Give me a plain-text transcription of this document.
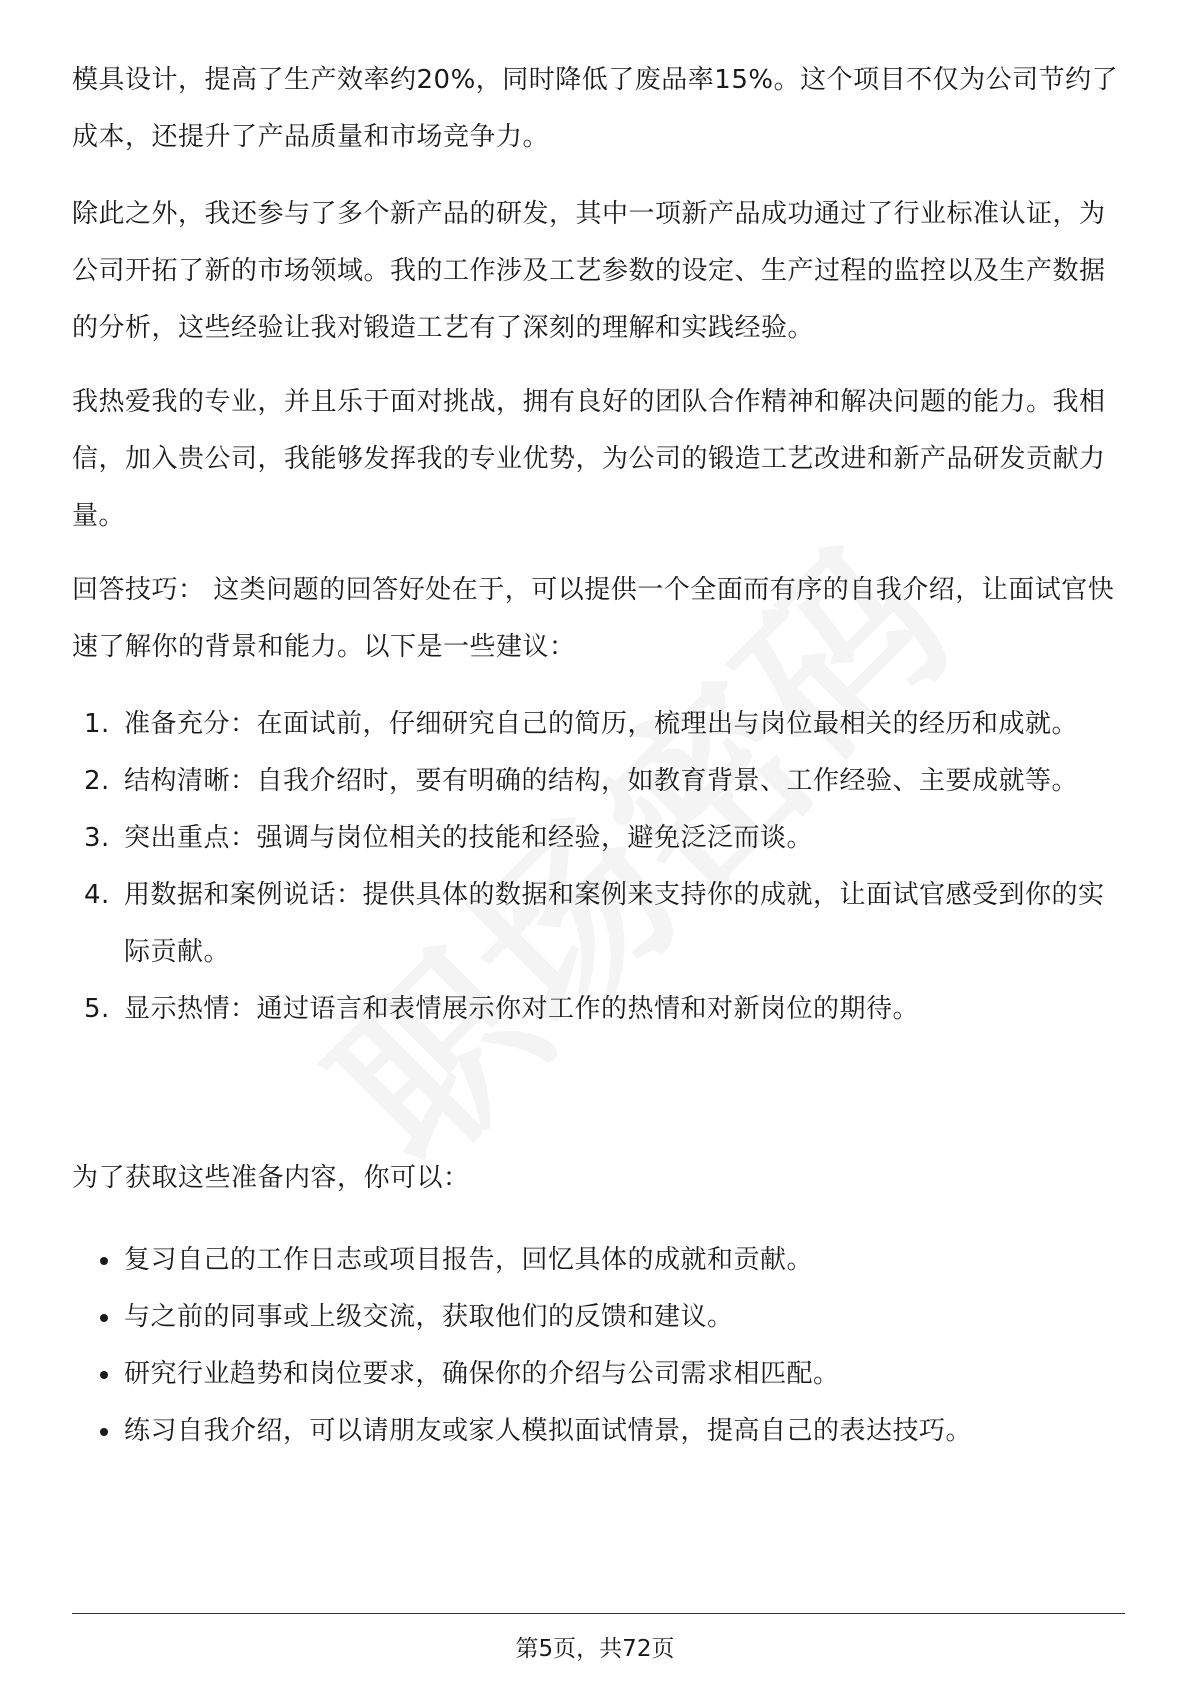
模具设计，提高了生产效率约20%，同时降低了废品率15%。这个项目不仅为公司节约了成本，还提升了产品质量和市场竞争力。

除此之外，我还参与了多个新产品的研发，其中一项新产品成功通过了行业标准认证，为公司开拓了新的市场领域。我的工作涉及工艺参数的设定、生产过程的监控以及生产数据的分析，这些经验让我对锻造工艺有了深刻的理解和实践经验。

我热爱我的专业，并且乐于面对挑战，拥有良好的团队合作精神和解决问题的能力。我相信，加入贵公司，我能够发挥我的专业优势，为公司的锻造工艺改进和新产品研发贡献力量。

回答技巧： 这类问题的回答好处在于，可以提供一个全面而有序的自我介绍，让面试官快速了解你的背景和能力。以下是一些建议：

1. 准备充分：在面试前，仔细研究自己的简历，梳理出与岗位最相关的经历和成就。
2. 结构清晰：自我介绍时，要有明确的结构，如教育背景、工作经验、主要成就等。
3. 突出重点：强调与岗位相关的技能和经验，避免泛泛而谈。
4. 用数据和案例说话：提供具体的数据和案例来支持你的成就，让面试官感受到你的实际贡献。
5. 显示热情：通过语言和表情展示你对工作的热情和对新岗位的期待。

为了获取这些准备内容，你可以：

复习自己的工作日志或项目报告，回忆具体的成就和贡献。
与之前的同事或上级交流，获取他们的反馈和建议。
研究行业趋势和岗位要求，确保你的介绍与公司需求相匹配。
练习自我介绍，可以请朋友或家人模拟面试情景，提高自己的表达技巧。
第5页，共72页
